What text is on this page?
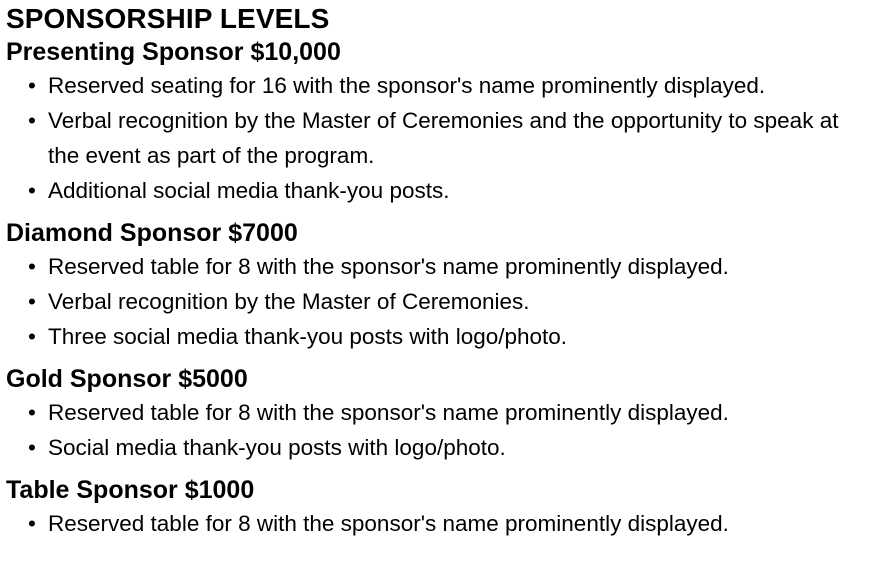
SPONSORSHIP LEVELS
Presenting Sponsor $10,000
• Reserved seating for 16 with the sponsor's name prominently displayed.
• Verbal recognition by the Master of Ceremonies and the opportunity to speak at the event as part of the program.
• Additional social media thank-you posts.
Diamond Sponsor $7000
• Reserved table for 8 with the sponsor's name prominently displayed.
• Verbal recognition by the Master of Ceremonies.
• Three social media thank-you posts with logo/photo.
Gold Sponsor $5000
• Reserved table for 8 with the sponsor's name prominently displayed.
• Social media thank-you posts with logo/photo.
Table Sponsor $1000
• Reserved table for 8 with the sponsor's name prominently displayed.
